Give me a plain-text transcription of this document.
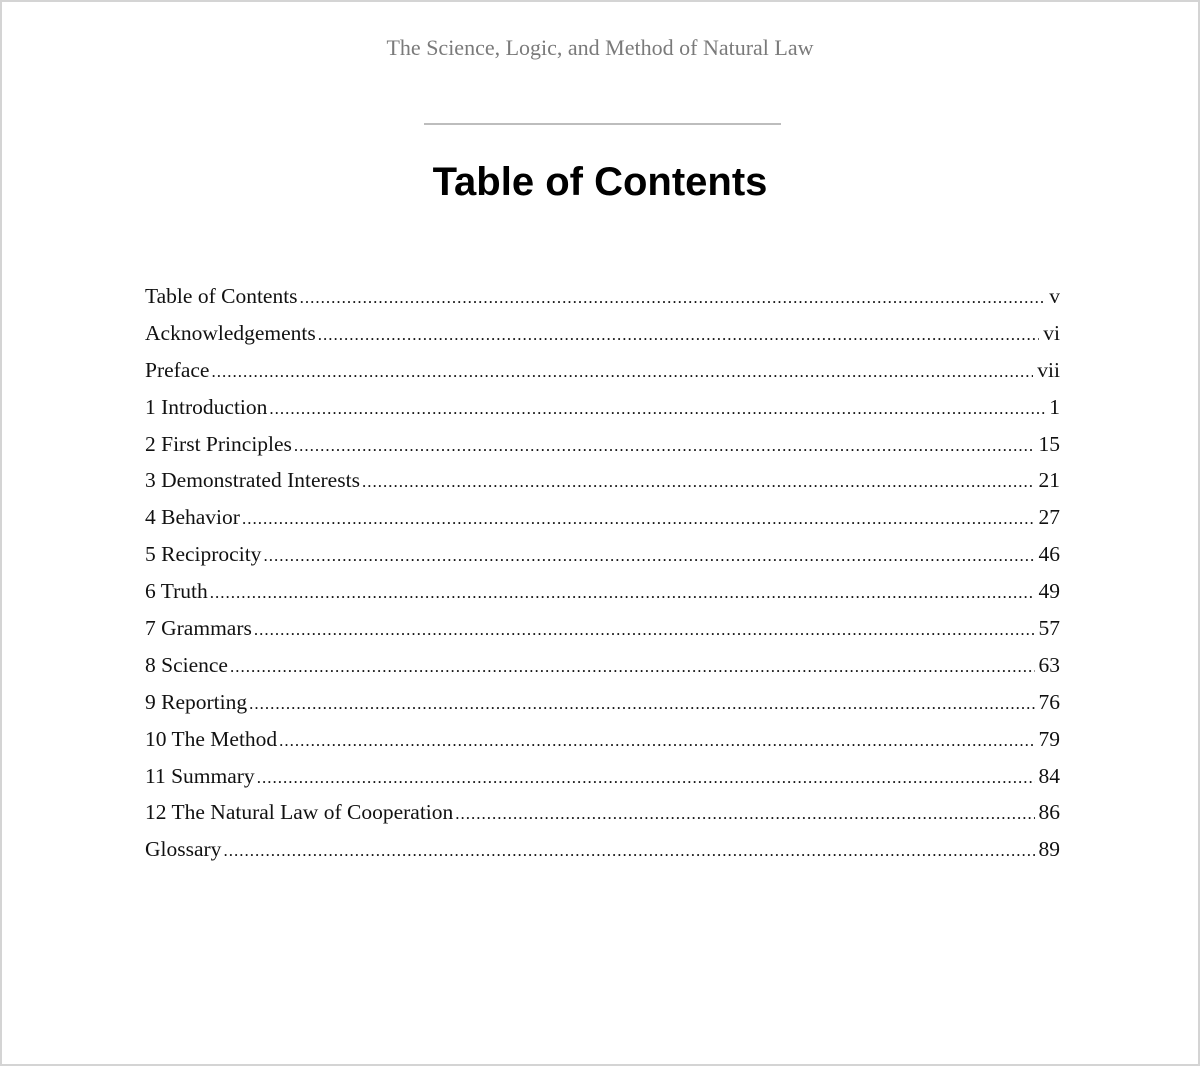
The Science, Logic, and Method of Natural Law
Table of Contents
Table of Contents .....	v
Acknowledgements .....	vi
Preface .....	vii
1 Introduction .....	1
2 First Principles .....	15
3 Demonstrated Interests .....	21
4 Behavior .....	27
5 Reciprocity .....	46
6 Truth .....	49
7 Grammars .....	57
8 Science .....	63
9 Reporting .....	76
10 The Method .....	79
11 Summary .....	84
12 The Natural Law of Cooperation .....	86
Glossary .....	89
